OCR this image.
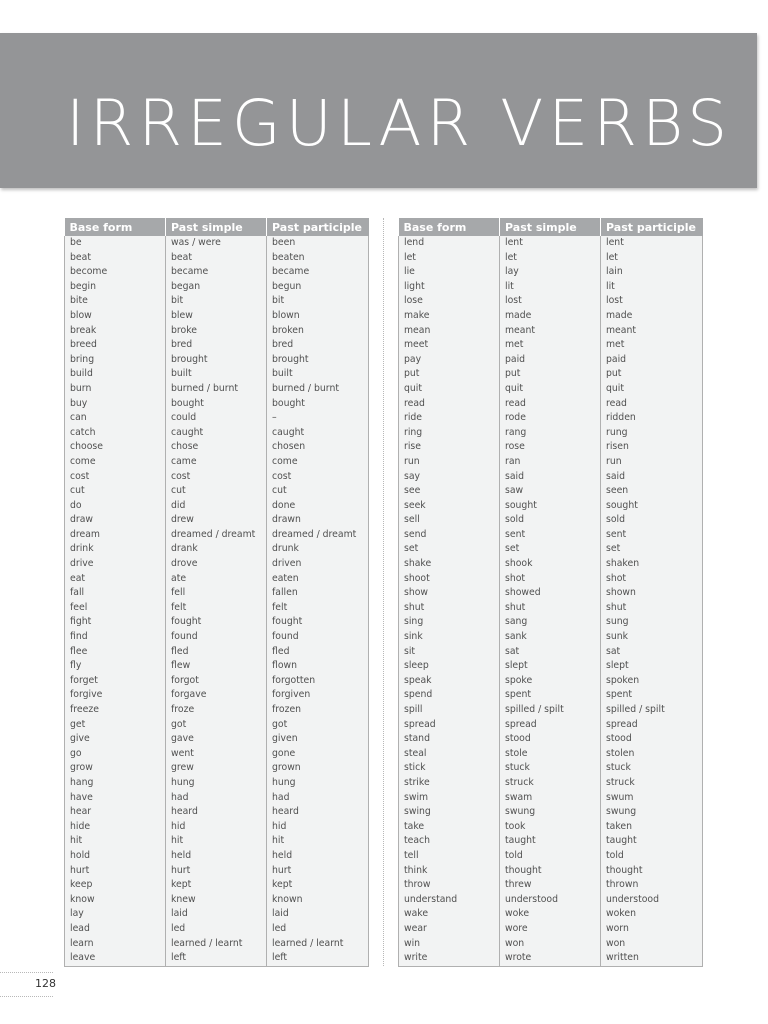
IRREGULAR VERBS
Base form	Past simple	Past participle
be	was / were	been
beat	beat	beaten
become	became	became
begin	began	begun
bite	bit	bit
blow	blew	blown
break	broke	broken
breed	bred	bred
bring	brought	brought
build	built	built
burn	burned / burnt	burned / burnt
buy	bought	bought
can	could	–
catch	caught	caught
choose	chose	chosen
come	came	come
cost	cost	cost
cut	cut	cut
do	did	done
draw	drew	drawn
dream	dreamed / dreamt	dreamed / dreamt
drink	drank	drunk
drive	drove	driven
eat	ate	eaten
fall	fell	fallen
feel	felt	felt
fight	fought	fought
find	found	found
flee	fled	fled
fly	flew	flown
forget	forgot	forgotten
forgive	forgave	forgiven
freeze	froze	frozen
get	got	got
give	gave	given
go	went	gone
grow	grew	grown
hang	hung	hung
have	had	had
hear	heard	heard
hide	hid	hid
hit	hit	hit
hold	held	held
hurt	hurt	hurt
keep	kept	kept
know	knew	known
lay	laid	laid
lead	led	led
learn	learned / learnt	learned / learnt
leave	left	left
Base form	Past simple	Past participle
lend	lent	lent
let	let	let
lie	lay	lain
light	lit	lit
lose	lost	lost
make	made	made
mean	meant	meant
meet	met	met
pay	paid	paid
put	put	put
quit	quit	quit
read	read	read
ride	rode	ridden
ring	rang	rung
rise	rose	risen
run	ran	run
say	said	said
see	saw	seen
seek	sought	sought
sell	sold	sold
send	sent	sent
set	set	set
shake	shook	shaken
shoot	shot	shot
show	showed	shown
shut	shut	shut
sing	sang	sung
sink	sank	sunk
sit	sat	sat
sleep	slept	slept
speak	spoke	spoken
spend	spent	spent
spill	spilled / spilt	spilled / spilt
spread	spread	spread
stand	stood	stood
steal	stole	stolen
stick	stuck	stuck
strike	struck	struck
swim	swam	swum
swing	swung	swung
take	took	taken
teach	taught	taught
tell	told	told
think	thought	thought
throw	threw	thrown
understand	understood	understood
wake	woke	woken
wear	wore	worn
win	won	won
write	wrote	written
128
